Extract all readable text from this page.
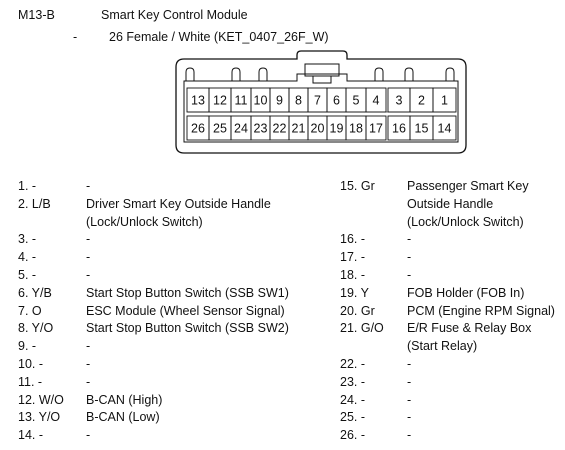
M13-B	Smart Key Control Module
-	26 Female / White (KET_0407_26F_W)
13 12 11 10 9 8 7 6 5 4 3 2 1
26 25 24 23 22 21 20 19 18 17 16 15 14
1. -	-
2. L/B	Driver Smart Key Outside Handle
(Lock/Unlock Switch)
3. -	-
4. -	-
5. -	-
6. Y/B	Start Stop Button Switch (SSB SW1)
7. O	ESC Module (Wheel Sensor Signal)
8. Y/O	Start Stop Button Switch (SSB SW2)
9. -	-
10. -	-
11. -	-
12. W/O	B-CAN (High)
13. Y/O	B-CAN (Low)
14. -	-
15. Gr	Passenger Smart Key
Outside Handle
(Lock/Unlock Switch)
16. -	-
17. -	-
18. -	-
19. Y	FOB Holder (FOB In)
20. Gr	PCM (Engine RPM Signal)
21. G/O	E/R Fuse & Relay Box
(Start Relay)
22. -	-
23. -	-
24. -	-
25. -	-
26. -	-
